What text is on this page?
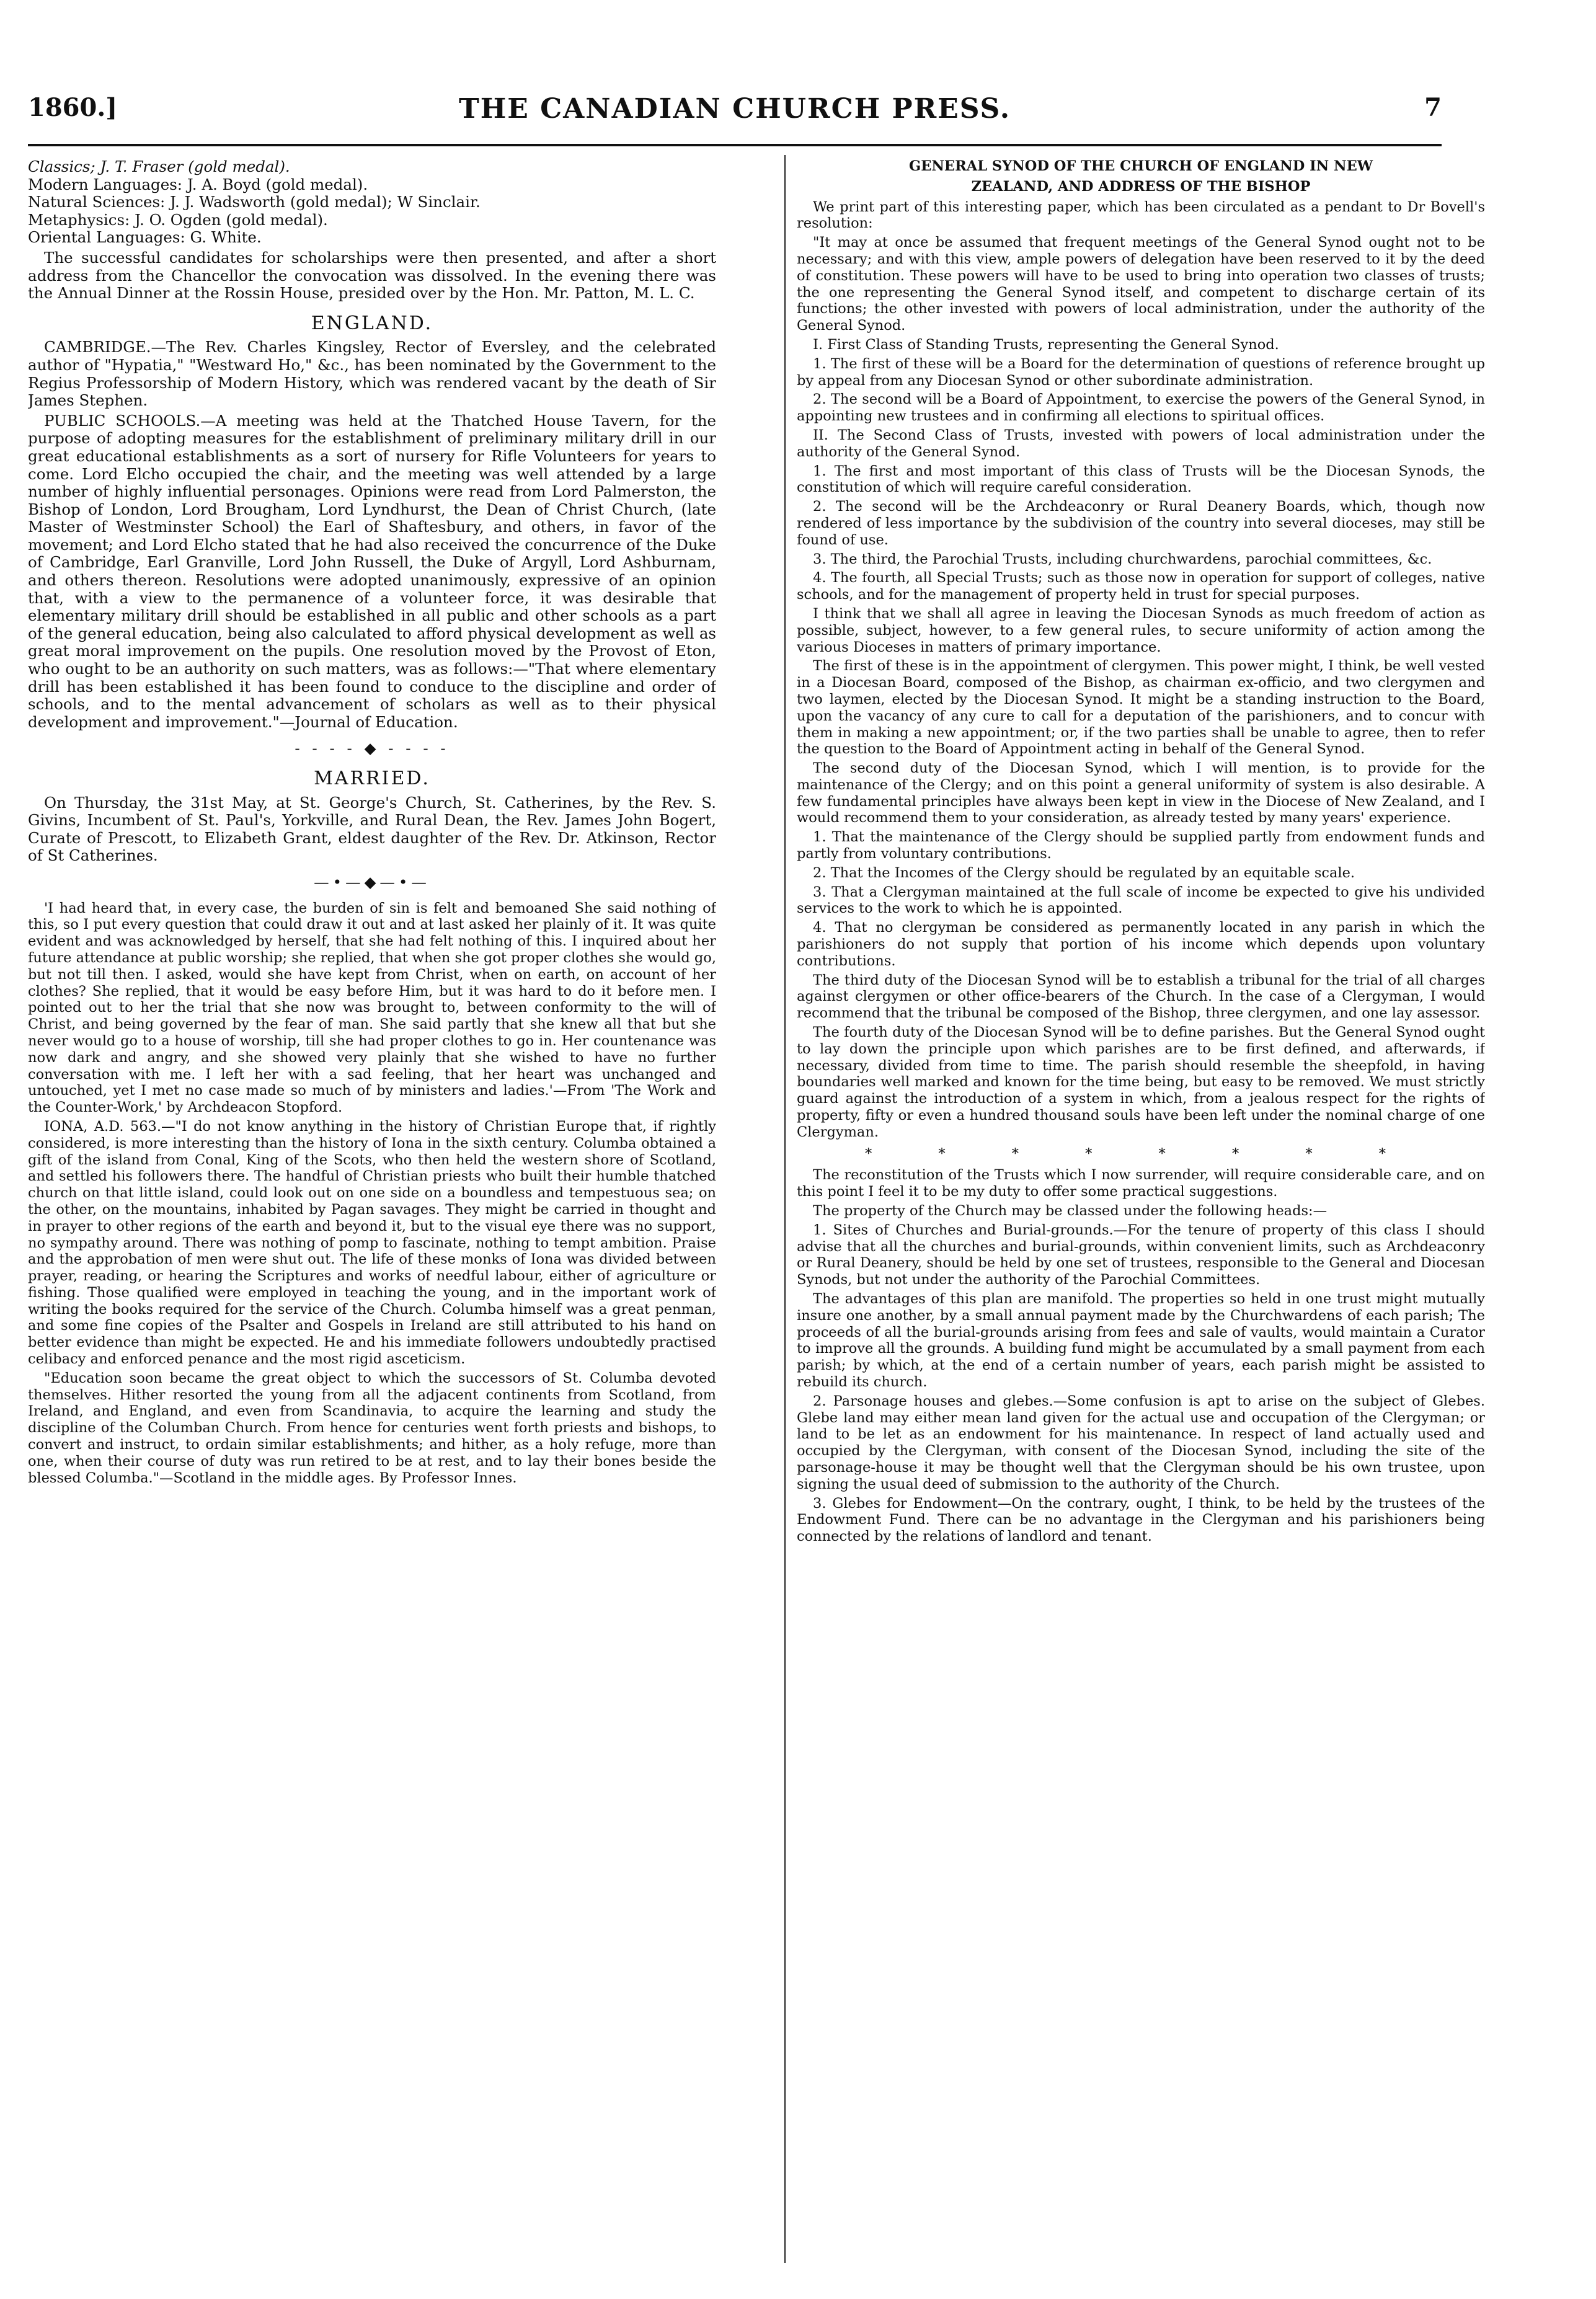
1860.]	THE CANADIAN CHURCH PRESS.	7

Classics; J. T. Fraser (gold medal).

Modern Languages: J. A. Boyd (gold medal).

Natural Sciences: J. J. Wadsworth (gold medal); W Sinclair.

Metaphysics: J. O. Ogden (gold medal).

Oriental Languages: G. White.

The successful candidates for scholarships were then presented, and after a short address from the Chancellor the convocation was dissolved. In the evening there was the Annual Dinner at the Rossin House, presided over by the Hon. Mr. Patton, M. L. C.

ENGLAND.

CAMBRIDGE.—The Rev. Charles Kingsley, Rector of Eversley, and the celebrated author of "Hypatia," "Westward Ho," &c., has been nominated by the Government to the Regius Professorship of Modern History, which was rendered vacant by the death of Sir James Stephen.

PUBLIC SCHOOLS.—A meeting was held at the Thatched House Tavern, for the purpose of adopting measures for the establishment of preliminary military drill in our great educational establishments as a sort of nursery for Rifle Volunteers for years to come. Lord Elcho occupied the chair, and the meeting was well attended by a large number of highly influential personages. Opinions were read from Lord Palmerston, the Bishop of London, Lord Brougham, Lord Lyndhurst, the Dean of Christ Church, (late Master of Westminster School) the Earl of Shaftesbury, and others, in favor of the movement; and Lord Elcho stated that he had also received the concurrence of the Duke of Cambridge, Earl Granville, Lord John Russell, the Duke of Argyll, Lord Ashburnam, and others thereon. Resolutions were adopted unanimously, expressive of an opinion that, with a view to the permanence of a volunteer force, it was desirable that elementary military drill should be established in all public and other schools as a part of the general education, being also calculated to afford physical development as well as great moral improvement on the pupils. One resolution moved by the Provost of Eton, who ought to be an authority on such matters, was as follows:—"That where elementary drill has been established it has been found to conduce to the discipline and order of schools, and to the mental advancement of scholars as well as to their physical development and improvement."—Journal of Education.

- - - - ◆ - - - -
MARRIED.

On Thursday, the 31st May, at St. George's Church, St. Catherines, by the Rev. S. Givins, Incumbent of St. Paul's, Yorkville, and Rural Dean, the Rev. James John Bogert, Curate of Prescott, to Elizabeth Grant, eldest daughter of the Rev. Dr. Atkinson, Rector of St Catherines.

—•—◆—•—

'I had heard that, in every case, the burden of sin is felt and bemoaned She said nothing of this, so I put every question that could draw it out and at last asked her plainly of it. It was quite evident and was acknowledged by herself, that she had felt nothing of this. I inquired about her future attendance at public worship; she replied, that when she got proper clothes she would go, but not till then. I asked, would she have kept from Christ, when on earth, on account of her clothes? She replied, that it would be easy before Him, but it was hard to do it before men. I pointed out to her the trial that she now was brought to, between conformity to the will of Christ, and being governed by the fear of man. She said partly that she knew all that but she never would go to a house of worship, till she had proper clothes to go in. Her countenance was now dark and angry, and she showed very plainly that she wished to have no further conversation with me. I left her with a sad feeling, that her heart was unchanged and untouched, yet I met no case made so much of by ministers and ladies.'—From 'The Work and the Counter-Work,' by Archdeacon Stopford.

IONA, A.D. 563.—"I do not know anything in the history of Christian Europe that, if rightly considered, is more interesting than the history of Iona in the sixth century. Columba obtained a gift of the island from Conal, King of the Scots, who then held the western shore of Scotland, and settled his followers there. The handful of Christian priests who built their humble thatched church on that little island, could look out on one side on a boundless and tempestuous sea; on the other, on the mountains, inhabited by Pagan savages. They might be carried in thought and in prayer to other regions of the earth and beyond it, but to the visual eye there was no support, no sympathy around. There was nothing of pomp to fascinate, nothing to tempt ambition. Praise and the approbation of men were shut out. The life of these monks of Iona was divided between prayer, reading, or hearing the Scriptures and works of needful labour, either of agriculture or fishing. Those qualified were employed in teaching the young, and in the important work of writing the books required for the service of the Church. Columba himself was a great penman, and some fine copies of the Psalter and Gospels in Ireland are still attributed to his hand on better evidence than might be expected. He and his immediate followers undoubtedly practised celibacy and enforced penance and the most rigid asceticism.

"Education soon became the great object to which the successors of St. Columba devoted themselves. Hither resorted the young from all the adjacent continents from Scotland, from Ireland, and England, and even from Scandinavia, to acquire the learning and study the discipline of the Columban Church. From hence for centuries went forth priests and bishops, to convert and instruct, to ordain similar establishments; and hither, as a holy refuge, more than one, when their course of duty was run retired to be at rest, and to lay their bones beside the blessed Columba."—Scotland in the middle ages. By Professor Innes.

GENERAL SYNOD OF THE CHURCH OF ENGLAND IN NEW
ZEALAND, AND ADDRESS OF THE BISHOP

We print part of this interesting paper, which has been circulated as a pendant to Dr Bovell's resolution:

"It may at once be assumed that frequent meetings of the General Synod ought not to be necessary; and with this view, ample powers of delegation have been reserved to it by the deed of constitution. These powers will have to be used to bring into operation two classes of trusts; the one representing the General Synod itself, and competent to discharge certain of its functions; the other invested with powers of local administration, under the authority of the General Synod.

I. First Class of Standing Trusts, representing the General Synod.

1. The first of these will be a Board for the determination of questions of reference brought up by appeal from any Diocesan Synod or other subordinate administration.

2. The second will be a Board of Appointment, to exercise the powers of the General Synod, in appointing new trustees and in confirming all elections to spiritual offices.

II. The Second Class of Trusts, invested with powers of local administration under the authority of the General Synod.

1. The first and most important of this class of Trusts will be the Diocesan Synods, the constitution of which will require careful consideration.

2. The second will be the Archdeaconry or Rural Deanery Boards, which, though now rendered of less importance by the subdivision of the country into several dioceses, may still be found of use.

3. The third, the Parochial Trusts, including churchwardens, parochial committees, &c.

4. The fourth, all Special Trusts; such as those now in operation for support of colleges, native schools, and for the management of property held in trust for special purposes.

I think that we shall all agree in leaving the Diocesan Synods as much freedom of action as possible, subject, however, to a few general rules, to secure uniformity of action among the various Dioceses in matters of primary importance.

The first of these is in the appointment of clergymen. This power might, I think, be well vested in a Diocesan Board, composed of the Bishop, as chairman ex-officio, and two clergymen and two laymen, elected by the Diocesan Synod. It might be a standing instruction to the Board, upon the vacancy of any cure to call for a deputation of the parishioners, and to concur with them in making a new appointment; or, if the two parties shall be unable to agree, then to refer the question to the Board of Appointment acting in behalf of the General Synod.

The second duty of the Diocesan Synod, which I will mention, is to provide for the maintenance of the Clergy; and on this point a general uniformity of system is also desirable. A few fundamental principles have always been kept in view in the Diocese of New Zealand, and I would recommend them to your consideration, as already tested by many years' experience.

1. That the maintenance of the Clergy should be supplied partly from endowment funds and partly from voluntary contributions.

2. That the Incomes of the Clergy should be regulated by an equitable scale.

3. That a Clergyman maintained at the full scale of income be expected to give his undivided services to the work to which he is appointed.

4. That no clergyman be considered as permanently located in any parish in which the parishioners do not supply that portion of his income which depends upon voluntary contributions.

The third duty of the Diocesan Synod will be to establish a tribunal for the trial of all charges against clergymen or other office-bearers of the Church. In the case of a Clergyman, I would recommend that the tribunal be composed of the Bishop, three clergymen, and one lay assessor.

The fourth duty of the Diocesan Synod will be to define parishes. But the General Synod ought to lay down the principle upon which parishes are to be first defined, and afterwards, if necessary, divided from time to time. The parish should resemble the sheepfold, in having boundaries well marked and known for the time being, but easy to be removed. We must strictly guard against the introduction of a system in which, from a jealous respect for the rights of property, fifty or even a hundred thousand souls have been left under the nominal charge of one Clergyman.

* * * * * * * *

The reconstitution of the Trusts which I now surrender, will require considerable care, and on this point I feel it to be my duty to offer some practical suggestions.

The property of the Church may be classed under the following heads:—

1. Sites of Churches and Burial-grounds.—For the tenure of property of this class I should advise that all the churches and burial-grounds, within convenient limits, such as Archdeaconry or Rural Deanery, should be held by one set of trustees, responsible to the General and Diocesan Synods, but not under the authority of the Parochial Committees.

The advantages of this plan are manifold. The properties so held in one trust might mutually insure one another, by a small annual payment made by the Churchwardens of each parish; The proceeds of all the burial-grounds arising from fees and sale of vaults, would maintain a Curator to improve all the grounds. A building fund might be accumulated by a small payment from each parish; by which, at the end of a certain number of years, each parish might be assisted to rebuild its church.

2. Parsonage houses and glebes.—Some confusion is apt to arise on the subject of Glebes. Glebe land may either mean land given for the actual use and occupation of the Clergyman; or land to be let as an endowment for his maintenance. In respect of land actually used and occupied by the Clergyman, with consent of the Diocesan Synod, including the site of the parsonage-house it may be thought well that the Clergyman should be his own trustee, upon signing the usual deed of submission to the authority of the Church.

3. Glebes for Endowment—On the contrary, ought, I think, to be held by the trustees of the Endowment Fund. There can be no advantage in the Clergyman and his parishioners being connected by the relations of landlord and tenant.
